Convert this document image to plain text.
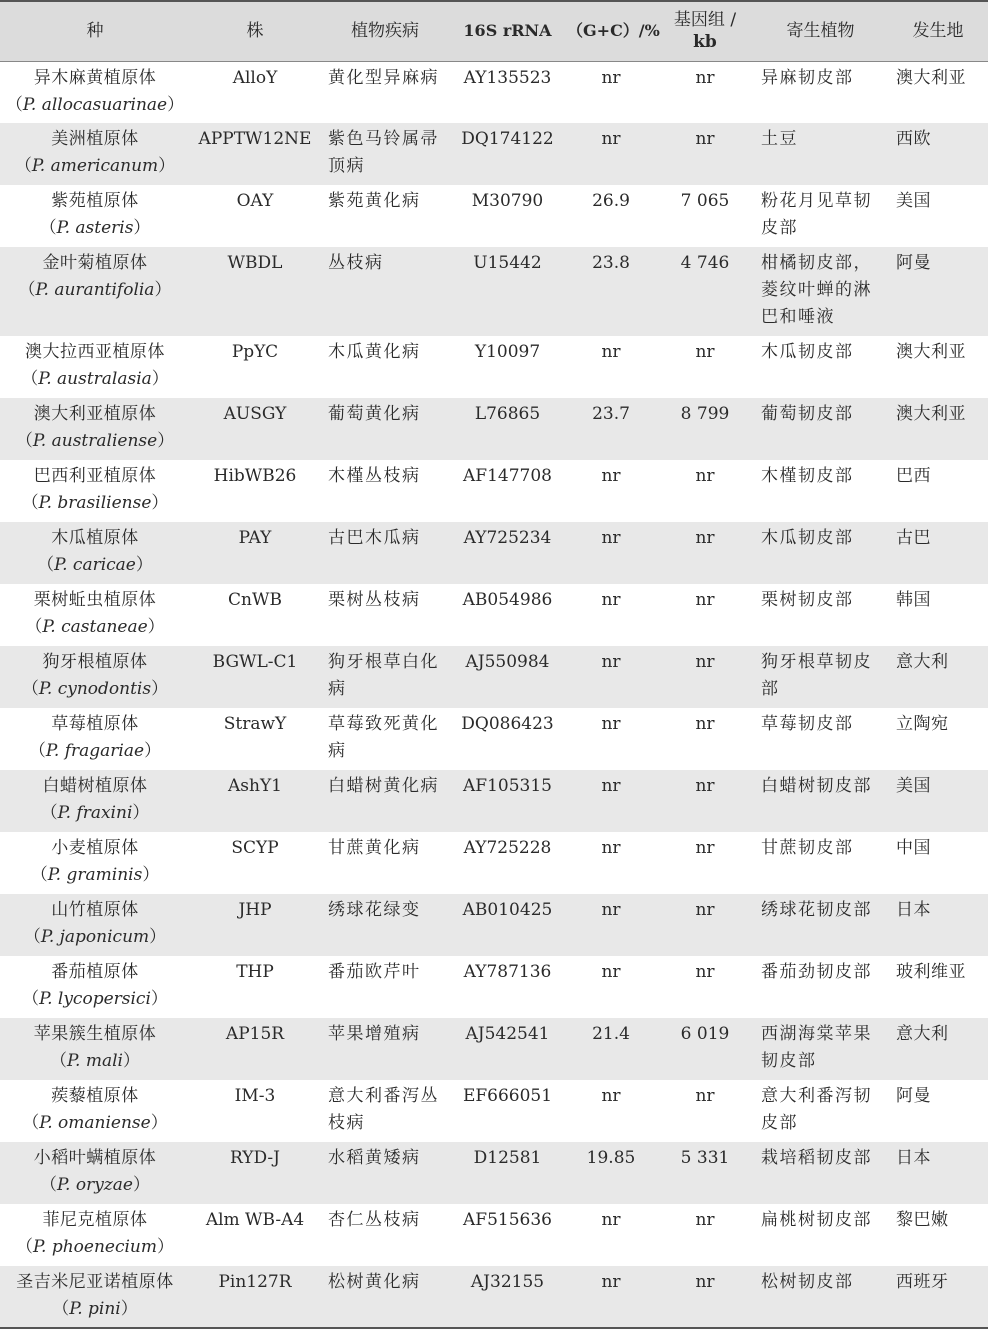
种	株	植物疾病	16S rRNA	（G+C）/%	基因组 /
kb	寄生植物	发生地

异木麻黄植原体
（P. allocasuarinae）	AlloY	黄化型异麻病	AY135523	nr	nr	异麻韧皮部	澳大利亚

美洲植原体
（P. americanum）	APPTW12NE	紫色马铃属帚顶病	DQ174122	nr	nr	土豆	西欧

紫苑植原体
（P. asteris）	OAY	紫苑黄化病	M30790	26.9	7 065	粉花月见草韧皮部	美国

金叶菊植原体
（P. aurantifolia）	WBDL	丛枝病	U15442	23.8	4 746	柑橘韧皮部，菱纹叶蝉的淋巴和唾液	阿曼

澳大拉西亚植原体
（P. australasia）	PpYC	木瓜黄化病	Y10097	nr	nr	木瓜韧皮部	澳大利亚

澳大利亚植原体
（P. australiense）	AUSGY	葡萄黄化病	L76865	23.7	8 799	葡萄韧皮部	澳大利亚

巴西利亚植原体
（P. brasiliense）	HibWB26	木槿丛枝病	AF147708	nr	nr	木槿韧皮部	巴西

木瓜植原体
（P. caricae）	PAY	古巴木瓜病	AY725234	nr	nr	木瓜韧皮部	古巴

栗树蚯虫植原体
（P. castaneae）	CnWB	栗树丛枝病	AB054986	nr	nr	栗树韧皮部	韩国

狗牙根植原体
（P. cynodontis）	BGWL-C1	狗牙根草白化病	AJ550984	nr	nr	狗牙根草韧皮部	意大利

草莓植原体
（P. fragariae）	StrawY	草莓致死黄化病	DQ086423	nr	nr	草莓韧皮部	立陶宛

白蜡树植原体
（P. fraxini）	AshY1	白蜡树黄化病	AF105315	nr	nr	白蜡树韧皮部	美国

小麦植原体
（P. graminis）	SCYP	甘蔗黄化病	AY725228	nr	nr	甘蔗韧皮部	中国

山竹植原体
（P. japonicum）	JHP	绣球花绿变	AB010425	nr	nr	绣球花韧皮部	日本

番茄植原体
（P. lycopersici）	THP	番茄欧芹叶	AY787136	nr	nr	番茄劲韧皮部	玻利维亚

苹果簇生植原体
（P. mali）	AP15R	苹果增殖病	AJ542541	21.4	6 019	西湖海棠苹果韧皮部	意大利

蒺藜植原体
（P. omaniense）	IM-3	意大利番泻丛枝病	EF666051	nr	nr	意大利番泻韧皮部	阿曼

小稻叶螨植原体
（P. oryzae）	RYD-J	水稻黄矮病	D12581	19.85	5 331	栽培稻韧皮部	日本

菲尼克植原体
（P. phoenecium）	Alm WB-A4	杏仁丛枝病	AF515636	nr	nr	扁桃树韧皮部	黎巴嫩

圣吉米尼亚诺植原体
（P. pini）	Pin127R	松树黄化病	AJ32155	nr	nr	松树韧皮部	西班牙
